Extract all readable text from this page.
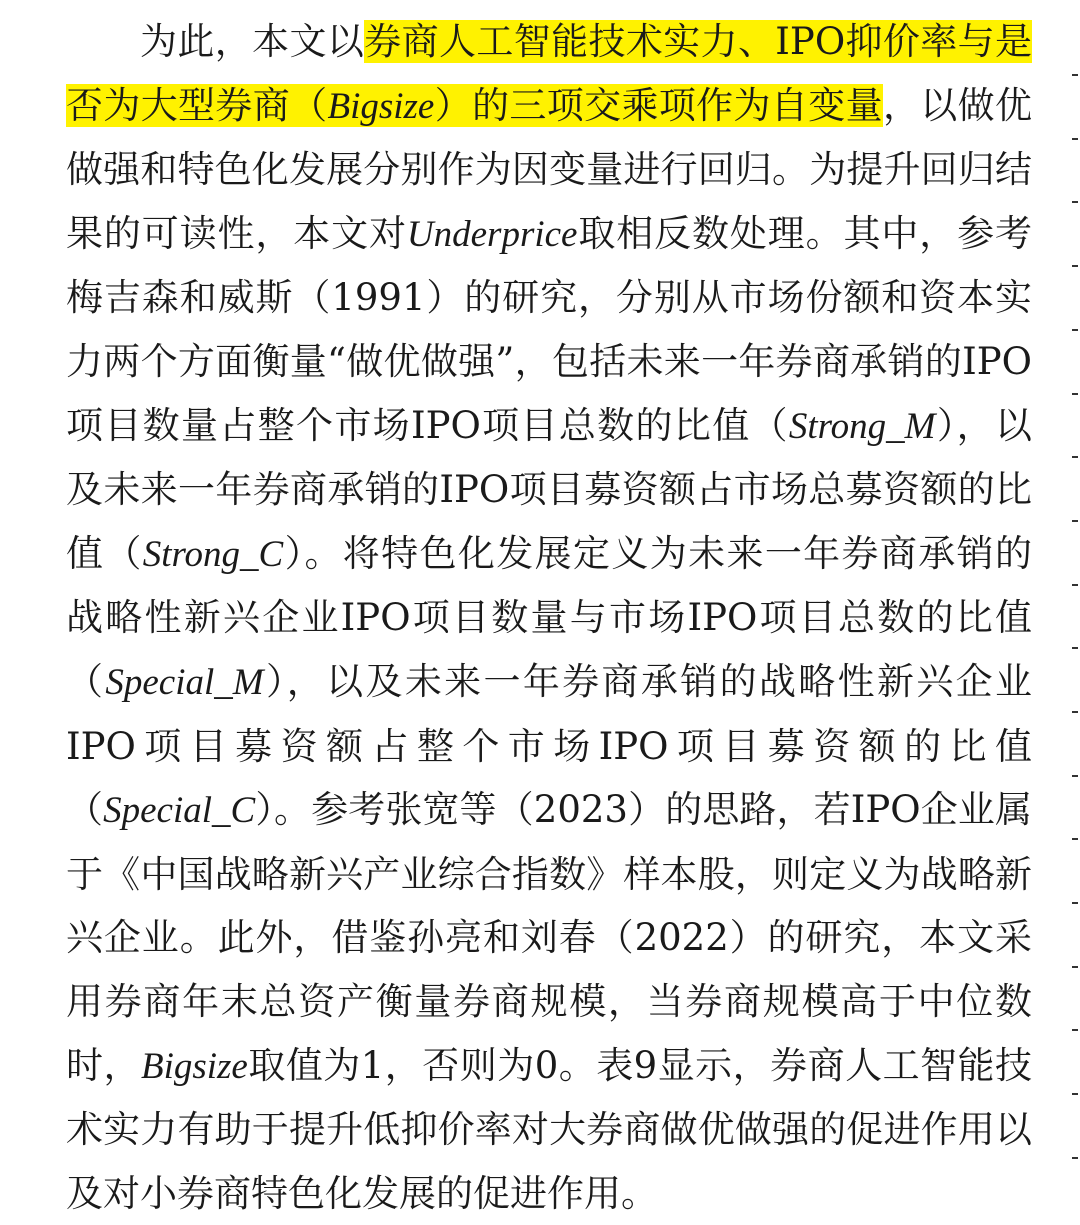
为此，本文以券商人工智能技术实力、IPO抑价率与是否为大型券商（Bigsize）的三项交乘项作为自变量，以做优做强和特色化发展分别作为因变量进行回归。为提升回归结果的可读性，本文对Underprice取相反数处理。其中，参考梅吉森和威斯（1991）的研究，分别从市场份额和资本实力两个方面衡量“做优做强”，包括未来一年券商承销的IPO项目数量占整个市场IPO项目总数的比值（Strong_M），以及未来一年券商承销的IPO项目募资额占市场总募资额的比值（Strong_C）。将特色化发展定义为未来一年券商承销的战略性新兴企业IPO项目数量与市场IPO项目总数的比值（Special_M），以及未来一年券商承销的战略性新兴企业IPO项目募资额占整个市场IPO项目募资额的比值（Special_C）。参考张宽等（2023）的思路，若IPO企业属于《中国战略新兴产业综合指数》样本股，则定义为战略新兴企业。此外，借鉴孙亮和刘春（2022）的研究，本文采用券商年末总资产衡量券商规模，当券商规模高于中位数时，Bigsize取值为1，否则为0。表9显示，券商人工智能技术实力有助于提升低抑价率对大券商做优做强的促进作用以及对小券商特色化发展的促进作用。
